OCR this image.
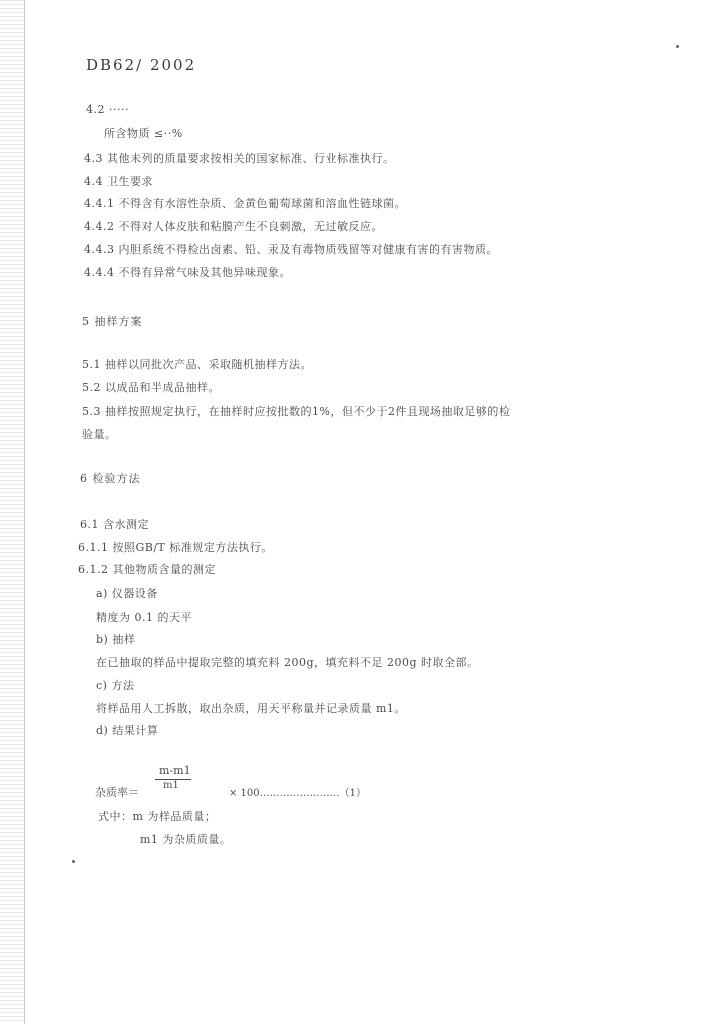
DB62/ 2002
4.2 ·····
所含物质 ≤··%
4.3 其他未列的质量要求按相关的国家标准、行业标准执行。
4.4 卫生要求
4.4.1 不得含有水溶性杂质、金黄色葡萄球菌和溶血性链球菌。
4.4.2 不得对人体皮肤和粘膜产生不良刺激，无过敏反应。
4.4.3 内胆系统不得检出卤素、铅、汞及有毒物质残留等对健康有害的有害物质。
4.4.4 不得有异常气味及其他异味现象。
5 抽样方案
5.1 抽样以同批次产品、采取随机抽样方法。
5.2 以成品和半成品抽样。
5.3 抽样按照规定执行，在抽样时应按批数的1%，但不少于2件且现场抽取足够的检
验量。
6 检验方法
6.1 含水测定
6.1.1 按照GB/T 标准规定方法执行。
6.1.2 其他物质含量的测定
a) 仪器设备
精度为 0.1 的天平
b) 抽样
在已抽取的样品中提取完整的填充料 200g，填充料不足 200g 时取全部。
c) 方法
将样品用人工拆散，取出杂质，用天平称量并记录质量 m1。
d) 结果计算
m-m1
m1
杂质率＝	× 100……………………（1）
式中：m 为样品质量；
m1 为杂质质量。
